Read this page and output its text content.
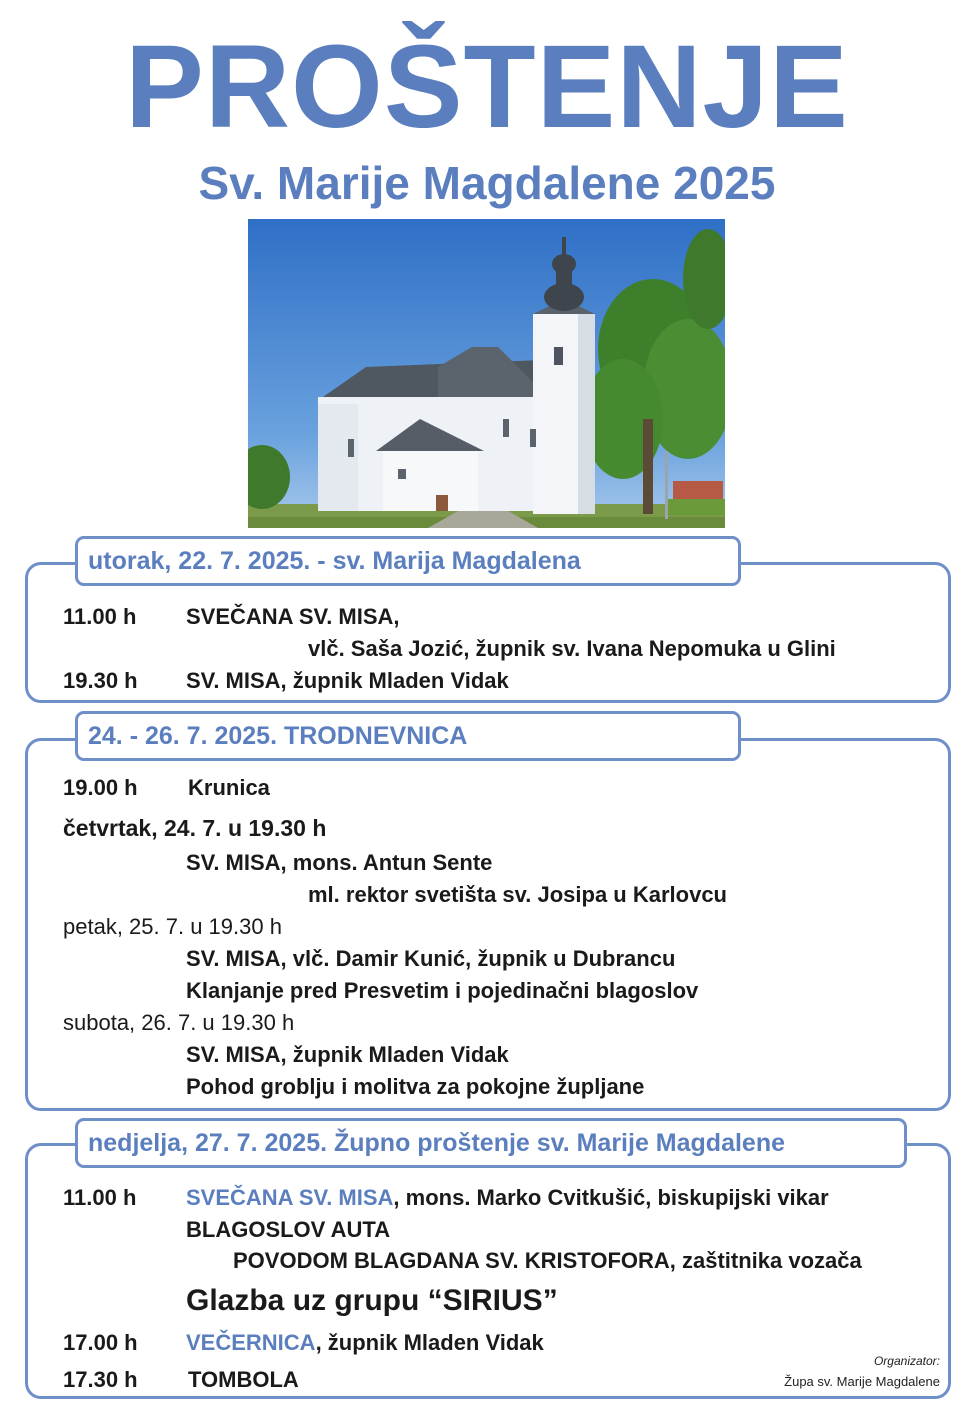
PROŠTENJE
Sv. Marije Magdalene 2025
utorak, 22. 7. 2025. - sv. Marija Magdalena
11.00 h SVEČANA SV. MISA,
vlč. Saša Jozić, župnik sv. Ivana Nepomuka u Glini
19.30 h SV. MISA, župnik Mladen Vidak
24. - 26. 7. 2025. TRODNEVNICA
19.00 h Krunica
četvrtak, 24. 7. u 19.30 h
SV. MISA, mons. Antun Sente
ml. rektor svetišta sv. Josipa u Karlovcu
petak, 25. 7. u 19.30 h
SV. MISA, vlč. Damir Kunić, župnik u Dubrancu
Klanjanje pred Presvetim i pojedinačni blagoslov
subota, 26. 7. u 19.30 h
SV. MISA, župnik Mladen Vidak
Pohod groblju i molitva za pokojne župljane
nedjelja, 27. 7. 2025. Župno proštenje sv. Marije Magdalene
11.00 h SVEČANA SV. MISA, mons. Marko Cvitkušić, biskupijski vikar
BLAGOSLOV AUTA
POVODOM BLAGDANA SV. KRISTOFORA, zaštitnika vozača
Glazba uz grupu “SIRIUS”
17.00 h VEČERNICA, župnik Mladen Vidak
17.30 h TOMBOLA
Organizator:
Župa sv. Marije Magdalene
